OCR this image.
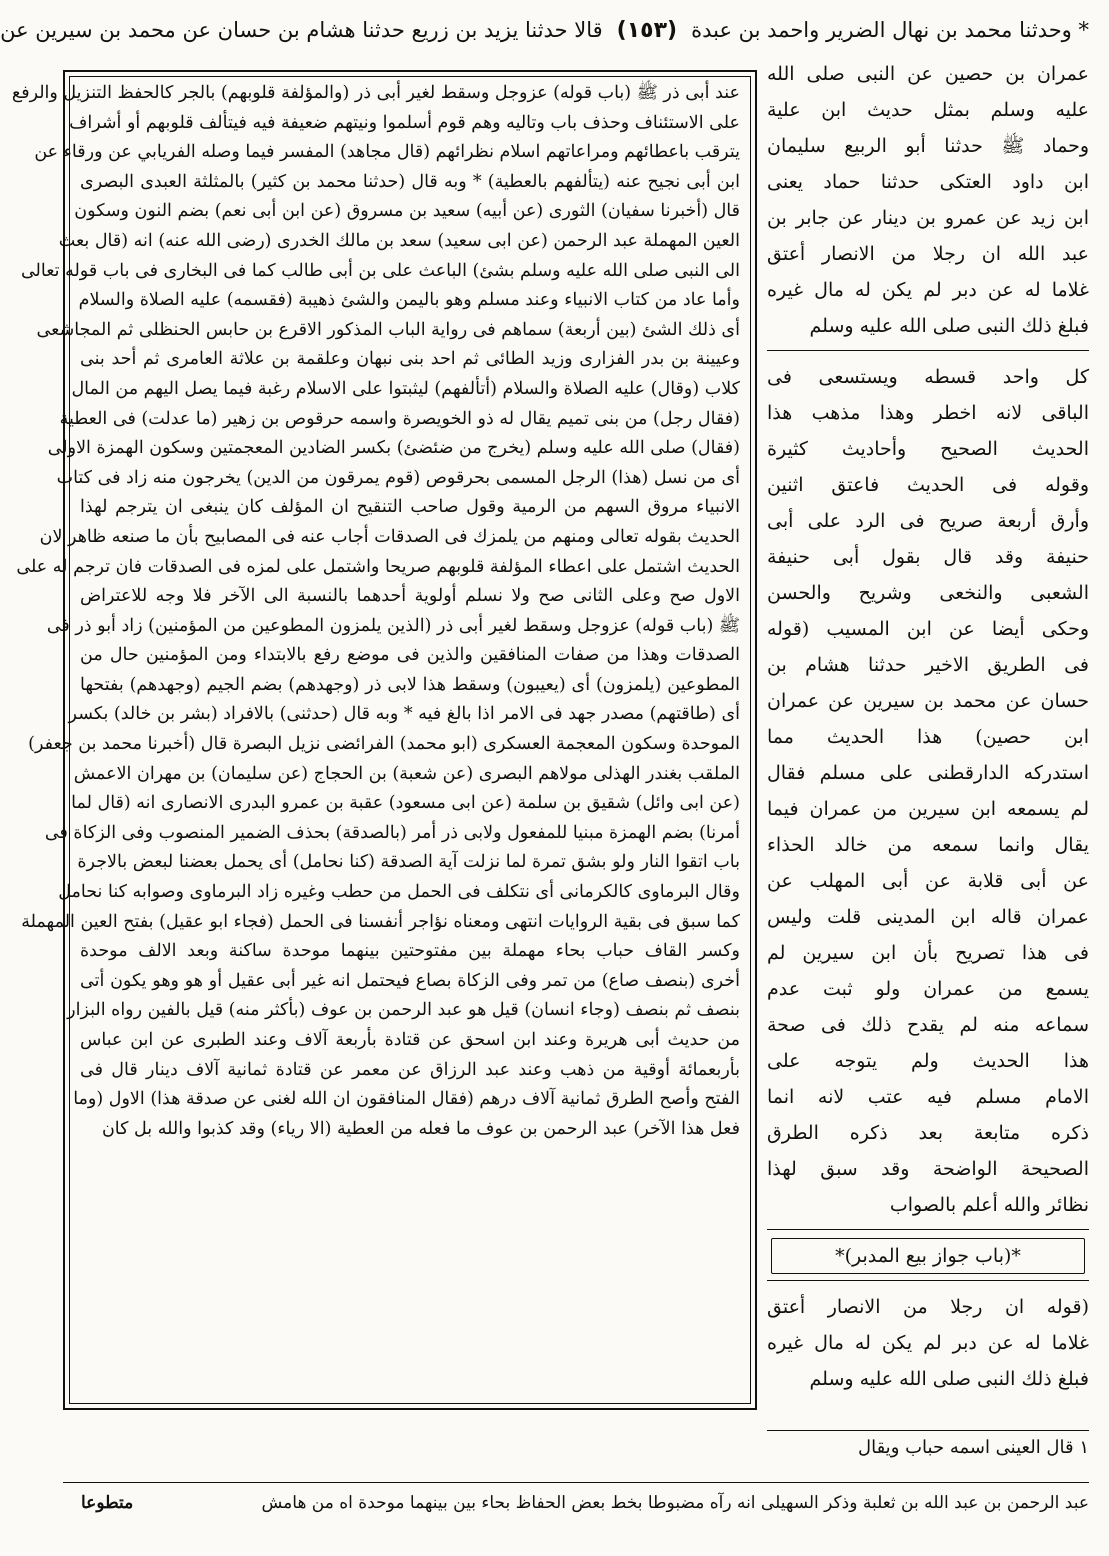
* وحدثنا محمد بن نهال الضرير واحمد بن عبدة
(١٥٣)
قالا حدثنا يزيد بن زريع حدثنا هشام بن حسان عن محمد بن سيرين عن
عند أبى ذر ﷺ (باب قوله) عزوجل وسقط لغير أبى ذر (والمؤلفة قلوبهم) بالجر كالحفظ التنزيل والرفع
على الاستئناف وحذف باب وتاليه وهم قوم أسلموا ونيتهم ضعيفة فيه فيتألف قلوبهم أو أشراف
يترقب باعطائهم ومراعاتهم اسلام نظرائهم (قال مجاهد) المفسر فيما وصله الفريابي عن ورقاء عن
ابن أبى نجيح عنه (يتألفهم بالعطية) * وبه قال (حدثنا محمد بن كثير) بالمثلثة العبدى البصرى
قال (أخبرنا سفيان) الثورى (عن أبيه) سعيد بن مسروق (عن ابن أبى نعم) بضم النون وسكون
العين المهملة عبد الرحمن (عن ابى سعيد) سعد بن مالك الخدرى (رضى الله عنه) انه (قال بعث
الى النبى صلى الله عليه وسلم بشئ) الباعث على بن أبى طالب كما فى البخارى فى باب قوله تعالى
وأما عاد من كتاب الانبياء وعند مسلم وهو باليمن والشئ ذهيبة (فقسمه) عليه الصلاة والسلام
أى ذلك الشئ (بين أربعة) سماهم فى رواية الباب المذكور الاقرع بن حابس الحنظلى ثم المجاشعى
وعيينة بن بدر الفزارى وزيد الطائى ثم احد بنى نبهان وعلقمة بن علاثة العامرى ثم أحد بنى
كلاب (وقال) عليه الصلاة والسلام (أتألفهم) ليثبتوا على الاسلام رغبة فيما يصل اليهم من المال
(فقال رجل) من بنى تميم يقال له ذو الخويصرة واسمه حرقوص بن زهير (ما عدلت) فى العطية
(فقال) صلى الله عليه وسلم (يخرج من ضئضئ) بكسر الضادين المعجمتين وسكون الهمزة الاولى
أى من نسل (هذا) الرجل المسمى بحرقوص (قوم يمرقون من الدين) يخرجون منه زاد فى كتاب
الانبياء مروق السهم من الرمية وقول صاحب التنقيح ان المؤلف كان ينبغى ان يترجم لهذا
الحديث بقوله تعالى ومنهم من يلمزك فى الصدقات أجاب عنه فى المصابيح بأن ما صنعه ظاهر لان
الحديث اشتمل على اعطاء المؤلفة قلوبهم صريحا واشتمل على لمزه فى الصدقات فان ترجم له على
الاول صح وعلى الثانى صح ولا نسلم أولوية أحدهما بالنسبة الى الآخر فلا وجه للاعتراض
ﷺ (باب قوله) عزوجل وسقط لغير أبى ذر (الذين يلمزون المطوعين من المؤمنين) زاد أبو ذر فى
الصدقات وهذا من صفات المنافقين والذين فى موضع رفع بالابتداء ومن المؤمنين حال من
المطوعين (يلمزون) أى (يعيبون) وسقط هذا لابى ذر (وجهدهم) بضم الجيم (وجهدهم) بفتحها
أى (طاقتهم) مصدر جهد فى الامر اذا بالغ فيه * وبه قال (حدثنى) بالافراد (بشر بن خالد) بكسر
الموحدة وسكون المعجمة العسكرى (ابو محمد) الفرائضى نزيل البصرة قال (أخبرنا محمد بن جعفر)
الملقب بغندر الهذلى مولاهم البصرى (عن شعبة) بن الحجاج (عن سليمان) بن مهران الاعمش
(عن ابى وائل) شقيق بن سلمة (عن ابى مسعود) عقبة بن عمرو البدرى الانصارى انه (قال لما
أمرنا) بضم الهمزة مبنيا للمفعول ولابى ذر أمر (بالصدقة) بحذف الضمير المنصوب وفى الزكاة فى
باب اتقوا النار ولو بشق تمرة لما نزلت آية الصدقة (كنا نحامل) أى يحمل بعضنا لبعض بالاجرة
وقال البرماوى كالكرمانى أى نتكلف فى الحمل من حطب وغيره زاد البرماوى وصوابه كنا نحامل
كما سبق فى بقية الروايات انتهى ومعناه نؤاجر أنفسنا فى الحمل (فجاء ابو عقيل) بفتح العين المهملة
وكسر القاف حباب بحاء مهملة بين مفتوحتين بينهما موحدة ساكنة وبعد الالف موحدة
أخرى (بنصف صاع) من تمر وفى الزكاة بصاع فيحتمل انه غير أبى عقيل أو هو وهو يكون أتى
بنصف ثم بنصف (وجاء انسان) قيل هو عبد الرحمن بن عوف (بأكثر منه) قيل بالفين رواه البزار
من حديث أبى هريرة وعند ابن اسحق عن قتادة بأربعة آلاف وعند الطبرى عن ابن عباس
بأربعمائة أوقية من ذهب وعند عبد الرزاق عن معمر عن قتادة ثمانية آلاف دينار قال فى
الفتح وأصح الطرق ثمانية آلاف درهم (فقال المنافقون ان الله لغنى عن صدقة هذا) الاول (وما
فعل هذا الآخر) عبد الرحمن بن عوف ما فعله من العطية (الا رياء) وقد كذبوا والله بل كان
عمران بن حصين عن النبى صلى الله
عليه وسلم بمثل حديث ابن علية
وحماد ﷺ حدثنا أبو الربيع سليمان
ابن داود العتكى حدثنا حماد يعنى
ابن زيد عن عمرو بن دينار عن جابر بن
عبد الله ان رجلا من الانصار أعتق
غلاما له عن دبر لم يكن له مال غيره
فبلغ ذلك النبى صلى الله عليه وسلم
كل واحد قسطه ويستسعى فى
الباقى لانه اخطر وهذا مذهب هذا
الحديث الصحيح وأحاديث كثيرة
وقوله فى الحديث فاعتق اثنين
وأرق أربعة صريح فى الرد على أبى
حنيفة وقد قال بقول أبى حنيفة
الشعبى والنخعى وشريح والحسن
وحكى أيضا عن ابن المسيب (قوله
فى الطريق الاخير حدثنا هشام بن
حسان عن محمد بن سيرين عن عمران
ابن حصين) هذا الحديث مما
استدركه الدارقطنى على مسلم فقال
لم يسمعه ابن سيرين من عمران فيما
يقال وانما سمعه من خالد الحذاء
عن أبى قلابة عن أبى المهلب عن
عمران قاله ابن المدينى قلت وليس
فى هذا تصريح بأن ابن سيرين لم
يسمع من عمران ولو ثبت عدم
سماعه منه لم يقدح ذلك فى صحة
هذا الحديث ولم يتوجه على
الامام مسلم فيه عتب لانه انما
ذكره متابعة بعد ذكره الطرق
الصحيحة الواضحة وقد سبق لهذا
نظائر والله أعلم بالصواب
*(باب جواز بيع المدبر)*
(قوله ان رجلا من الانصار أعتق
غلاما له عن دبر لم يكن له مال غيره
فبلغ ذلك النبى صلى الله عليه وسلم
١ قال العينى اسمه حباب ويقال
عبد الرحمن بن عبد الله بن ثعلبة وذكر السهيلى انه رآه مضبوطا بخط بعض الحفاظ بحاء بين بينهما موحدة اه من هامش
متطوعا
